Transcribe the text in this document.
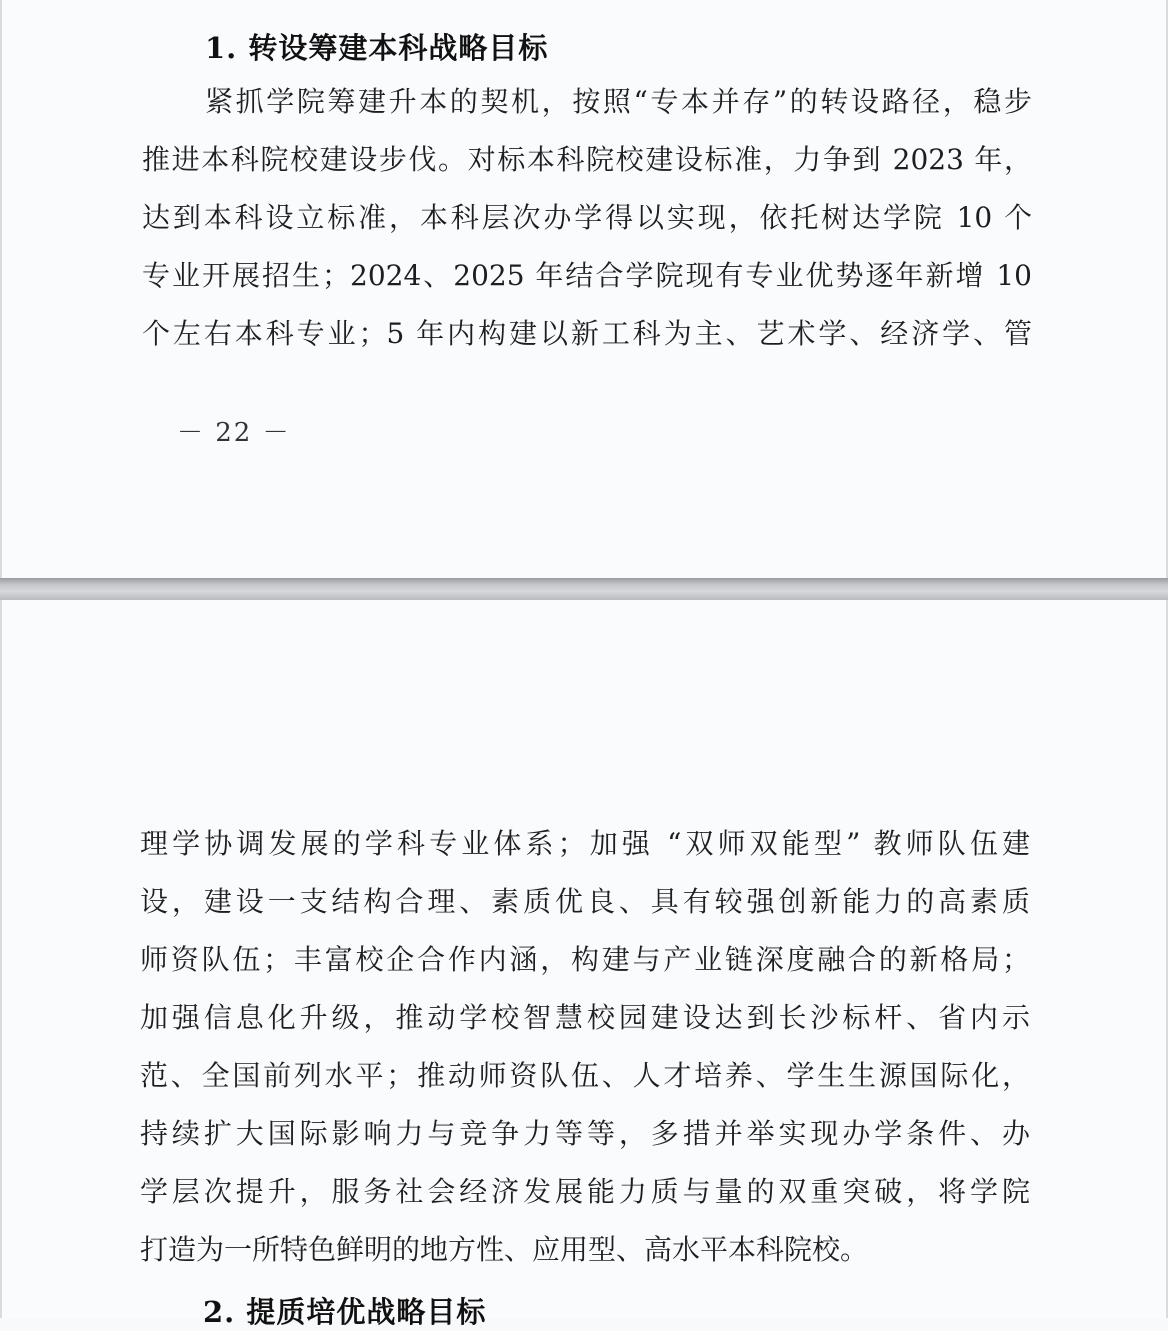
1. 转设筹建本科战略目标
紧抓学院筹建升本的契机，按照“专本并存”的转设路径，稳步
推进本科院校建设步伐。对标本科院校建设标准，力争到 2023 年，
达到本科设立标准，本科层次办学得以实现，依托树达学院 10 个
专业开展招生；2024、2025 年结合学院现有专业优势逐年新增 10
个左右本科专业；5 年内构建以新工科为主、艺术学、经济学、管
－ 22 －
理学协调发展的学科专业体系；加强 “双师双能型” 教师队伍建
设，建设一支结构合理、素质优良、具有较强创新能力的高素质
师资队伍；丰富校企合作内涵，构建与产业链深度融合的新格局；
加强信息化升级，推动学校智慧校园建设达到长沙标杆、省内示
范、全国前列水平；推动师资队伍、人才培养、学生生源国际化，
持续扩大国际影响力与竞争力等等，多措并举实现办学条件、办
学层次提升，服务社会经济发展能力质与量的双重突破，将学院
打造为一所特色鲜明的地方性、应用型、高水平本科院校。
2. 提质培优战略目标
